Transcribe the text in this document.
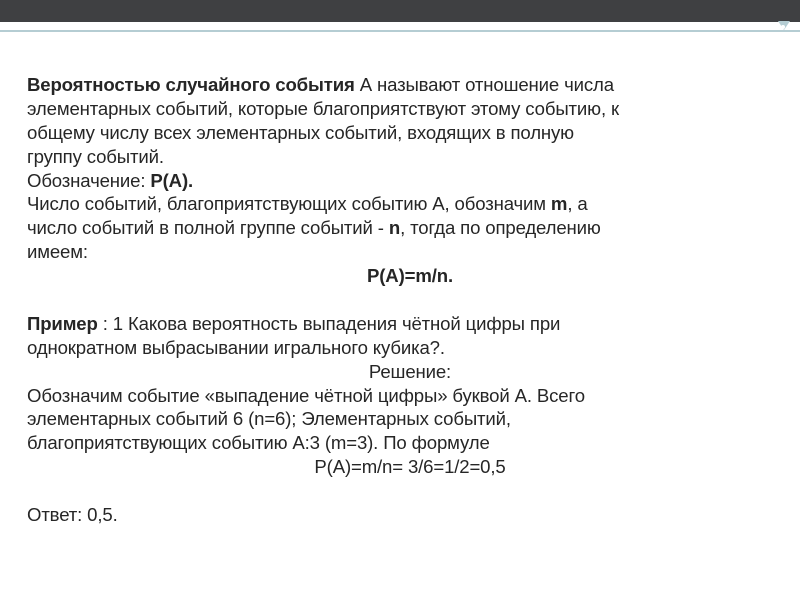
Вероятностью случайного события А называют отношение числа
элементарных событий, которые благоприятствуют этому событию, к
общему числу всех элементарных событий, входящих в полную
группу событий.
Обозначение: Р(А).
Число событий, благоприятствующих событию А, обозначим m, а
число событий в полной группе событий - n, тогда по определению
имеем:
Р(А)=m/n.
Пример : 1 Какова вероятность выпадения чётной цифры при
однократном выбрасывании игрального кубика?.
Решение:
Обозначим событие «выпадение чётной цифры» буквой А. Всего
элементарных событий 6 (n=6); Элементарных событий,
благоприятствующих событию А:3 (m=3). По формуле
Р(А)=m/n= 3/6=1/2=0,5
Ответ: 0,5.
